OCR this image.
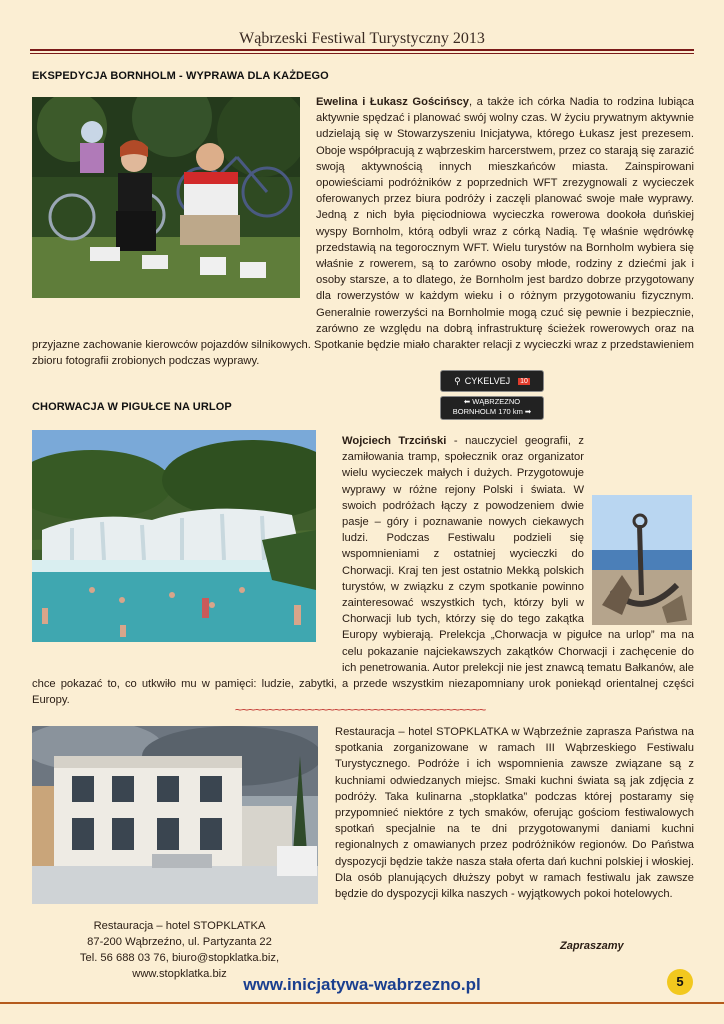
Wąbrzeski Festiwal Turystyczny 2013
EKSPEDYCJA BORNHOLM - WYPRAWA DLA KAŻDEGO
Ewelina i Łukasz Gościńscy, a także ich córka Nadia to rodzina lubiąca aktywnie spędzać i planować swój wolny czas. W życiu prywatnym aktywnie udzielają się w Stowarzyszeniu Inicjatywa, którego Łukasz jest prezesem. Oboje współpracują z wąbrzeskim harcerstwem, przez co starają się zarazić swoją aktywnością innych mieszkańców miasta. Zainspirowani opowieściami podróżników z poprzednich WFT zrezygnowali z wycieczek oferowanych przez biura podróży i zaczęli planować swoje małe wyprawy. Jedną z nich była pięciodniowa wycieczka rowerowa dookoła duńskiej wyspy Bornholm, którą odbyli wraz z córką Nadią. Tę właśnie wędrówkę przedstawią na tegorocznym WFT. Wielu turystów na Bornholm wybiera się właśnie z rowerem, są to zarówno osoby młode, rodziny z dziećmi jak i osoby starsze, a to dlatego, że Bornholm jest bardzo dobrze przygotowany dla rowerzystów w każdym wieku i o różnym przygotowaniu fizycznym. Generalnie rowerzyści na Bornholmie mogą czuć się pewnie i bezpiecznie, zarówno ze względu na dobrą infrastrukturę ścieżek rowerowych oraz na przyjazne zachowanie kierowców pojazdów silnikowych. Spotkanie będzie miało charakter relacji z wycieczki wraz z przedstawieniem zbioru fotografii zrobionych podczas wyprawy.
⚲ CYKELVEJ 10
⬅ WĄBRZEZNO
BORNHOLM 170 km ➡
CHORWACJA W PIGUŁCE NA URLOP
Wojciech Trzciński - nauczyciel geografii, z zamiłowania tramp, społecznik oraz organizator wielu wycieczek małych i dużych. Przygotowuje wyprawy w różne rejony Polski i świata. W swoich podróżach łączy z powodzeniem dwie pasje – góry i poznawanie nowych ciekawych ludzi. Podczas Festiwalu podzieli się wspomnieniami z ostatniej wycieczki do Chorwacji. Kraj ten jest ostatnio Mekką polskich turystów, w związku z czym spotkanie powinno zainteresować wszystkich tych, którzy byli w Chorwacji lub tych, którzy się do tego zakątka Europy wybierają. Prelekcja „Chorwacja w pigułce na urlop” ma na celu pokazanie najciekawszych zakątków Chorwacji i zachęcenie do ich penetrowania. Autor prelekcji nie jest znawcą tematu Bałkanów, ale chce pokazać to, co utkwiło mu w pamięci: ludzie, zabytki, a przede wszystkim niezapomniany urok poniekąd orientalnej części Europy.
~~~~~~~~~~~~~~~~~~~~~~~~~~~~~~~~~~~~~~
Restauracja – hotel STOPKLATKA w Wąbrzeźnie zaprasza Państwa na spotkania zorganizowane w ramach III Wąbrzeskiego Festiwalu Turystycznego. Podróże i ich wspomnienia zawsze związane są z kuchniami odwiedzanych miejsc. Smaki kuchni świata są jak zdjęcia z podróży. Taka kulinarna „stopklatka” podczas której postaramy się przypomnieć niektóre z tych smaków, oferując gościom festiwalowych spotkań specjalnie na te dni przygotowanymi daniami kuchni regionalnych z omawianych przez podróżników regionów. Do Państwa dyspozycji będzie także nasza stała oferta dań kuchni polskiej i włoskiej. Dla osób planujących dłuższy pobyt w ramach festiwalu jak zawsze będzie do dyspozycji kilka naszych - wyjątkowych pokoi hotelowych.
Restauracja – hotel STOPKLATKA
87-200 Wąbrzeźno, ul. Partyzanta 22
Tel. 56 688 03 76, biuro@stopklatka.biz, www.stopklatka.biz
Zapraszamy
www.inicjatywa-wabrzezno.pl	5
